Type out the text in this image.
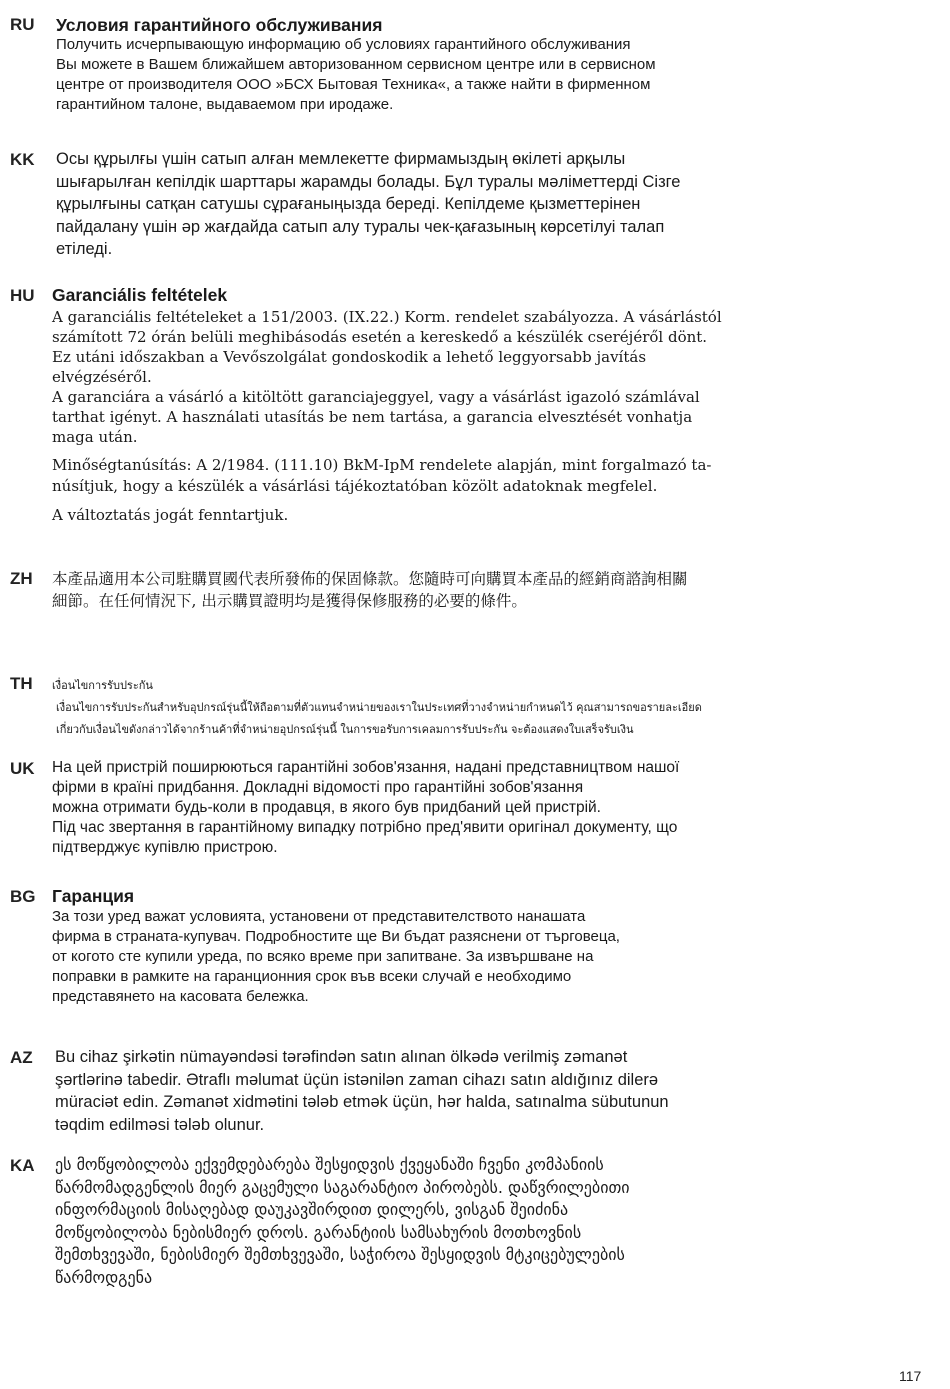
RU Условия гарантийного обслуживания

Получить исчерпывающую информацию об условиях гарантийного обслуживания
Вы можете в Вашем ближайшем авторизованном сервисном центре или в сервисном
центре от производителя ООО »БСХ Бытовая Техника«, а также найти в фирменном
гарантийном талоне, выдаваемом при иродаже.

KK Осы құрылғы үшін сатып алған мемлекетте фирмамыздың өкілеті арқылы
шығарылған кепілдік шарттары жарамды болады. Бұл туралы мәліметтерді Сізге
құрылғыны сатқан сатушы сұрағаныңызда береді. Кепілдеме қызметтерінен
пайдалану үшін әр жағдайда сатып алу туралы чек-қағазының көрсетілуі талап
етіледі.

HU Garanciális feltételek

A garanciális feltételeket a 151/2003. (IX.22.) Korm. rendelet szabályozza. A vásárlástól
számított 72 órán belüli meghibásodás esetén a kereskedő a készülék cseréjéről dönt.
Ez utáni időszakban a Vevőszolgálat gondoskodik a lehető leggyorsabb javítás
elvégzéséről.
A garanciára a vásárló a kitöltött garanciajeggyel, vagy a vásárlást igazoló számlával
tarthat igényt. A használati utasítás be nem tartása, a garancia elvesztését vonhatja
maga után.

Minőségtanúsítás: A 2/1984. (111.10) BkM-IpM rendelete alapján, mint forgalmazó ta-
núsítjuk, hogy a készülék a vásárlási tájékoztatóban közölt adatoknak megfelel.

A változtatás jogát fenntartjuk.

ZH 本產品適用本公司駐購買國代表所發佈的保固條款。您隨時可向購買本產品的經銷商諮詢相關
細節。在任何情況下, 出示購買證明均是獲得保修服務的必要的條件。

TH เงื่อนไขการรับประกัน
เงื่อนไขการรับประกันสำหรับอุปกรณ์รุ่นนี้ให้ถือตามที่ตัวแทนจำหน่ายของเราในประเทศที่วางจำหน่ายกำหนดไว้ คุณสามารถขอรายละเอียด
เกี่ยวกับเงื่อนไขดังกล่าวได้จากร้านค้าที่จำหน่ายอุปกรณ์รุ่นนี้ ในการขอรับการเคลมการรับประกัน จะต้องแสดงใบเสร็จรับเงิน
UK На цей пристрій поширюються гарантійні зобов'язання, надані представництвом нашої
фірми в країні придбання. Докладні відомості про гарантійні зобов'язання
можна отримати будь-коли в продавця, в якого був придбаний цей пристрій.
Під час звертання в гарантійному випадку потрібно пред'явити оригінал документу, що
підтверджує купівлю пристрою.

BG Гаранция

За този уред важат условията, установени от представителството нанашата
фирма в страната-купувач. Подробностите ще Ви бъдат разяснени от търговеца,
от когото сте купили уреда, по всяко време при запитване. За извършване на
поправки в рамките на гаранционния срок във всеки случай е необходимо
представянето на касовата бележка.

AZ Bu cihaz şirkətin nümayəndəsi tərəfindən satın alınan ölkədə verilmiş zəmanət
şərtlərinə tabedir. Ətraflı məlumat üçün istənilən zaman cihazı satın aldığınız dilerə
müraciət edin. Zəmanət xidmətini tələb etmək üçün, hər halda, satınalma sübutunun
təqdim edilməsi tələb olunur.

KA ეს მოწყობილობა ექვემდებარება შესყიდვის ქვეყანაში ჩვენი კომპანიის
წარმომადგენლის მიერ გაცემული საგარანტიო პირობებს. დაწვრილებითი
ინფორმაციის მისაღებად დაუკავშირდით დილერს, ვისგან შეიძინა
მოწყობილობა ნებისმიერ დროს. გარანტიის სამსახურის მოთხოვნის
შემთხვევაში, ნებისმიერ შემთხვევაში, საჭიროა შესყიდვის მტკიცებულების
წარმოდგენა

117
